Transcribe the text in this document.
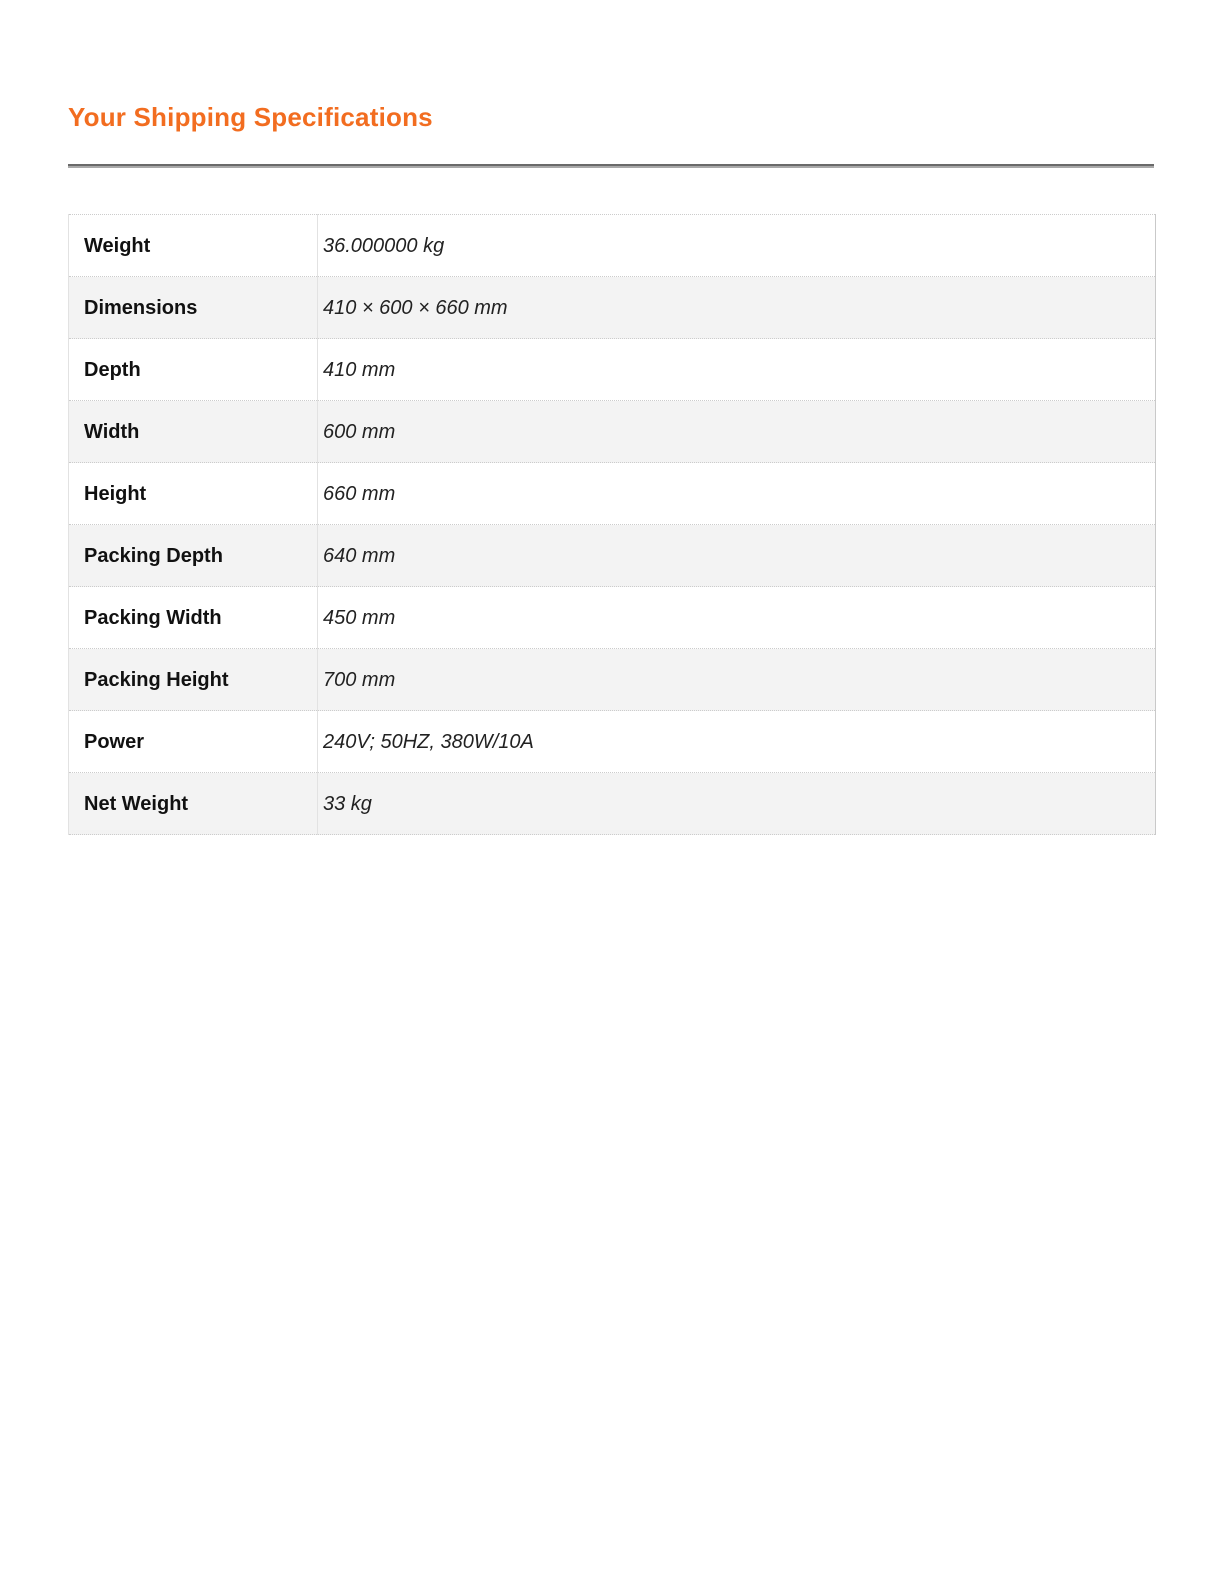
Your Shipping Specifications
Weight	36.000000 kg
Dimensions	410 × 600 × 660 mm
Depth	410 mm
Width	600 mm
Height	660 mm
Packing Depth	640 mm
Packing Width	450 mm
Packing Height	700 mm
Power	240V; 50HZ, 380W/10A
Net Weight	33 kg
